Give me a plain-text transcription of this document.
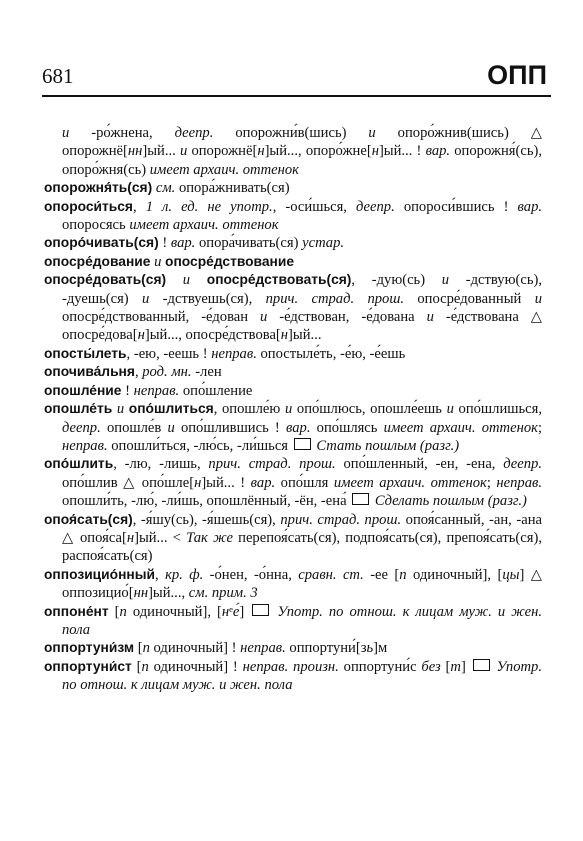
681	ОПП

и -ро́жнена, деепр. опорожни́в(шись) и опоро́жнив(шись) △ опорожнё[нн]ый... и опорожнё[н]ый..., опоро́жне[н]ый... ! вар. опорожня́(сь), опоро́жня(сь) имеет архаич. оттенок

опорожня́ть(ся) см. опора́жнивать(ся)

опороси́ться, 1 л. ед. не употр., -оси́шься, деепр. опороси́вшись ! вар. опоросясь имеет архаич. оттенок

опоро́чивать(ся) ! вар. опора́чивать(ся) устар.

опосре́дование и опосре́дствование

опосре́довать(ся) и опосре́дствовать(ся), -дую(сь) и -дствую(сь), -дуешь(ся) и -дствуешь(ся), прич. страд. прош. опосре́дованный и опосре́дствованный, -е́дован и -е́дствован, -е́дована и -е́дствована △ опосре́дова[н]ый..., опосре́дствова[н]ый...

опосты́леть, -ею, -еешь ! неправ. опостыле́ть, -е́ю, -е́ешь

опочива́льня, род. мн. -лен

опошле́ние ! неправ. опо́шление

опошле́ть и опо́шлиться, опошле́ю и опо́шлюсь, опошле́ешь и опо́шлишься, деепр. опошле́в и опо́шлившись ! вар. опо́шлясь имеет архаич. оттенок; неправ. опошли́ться, -лю́сь, -ли́шься  Стать пошлым (разг.)

опо́шлить, -лю, -лишь, прич. страд. прош. опо́шленный, -ен, -ена, деепр. опо́шлив △ опо́шле[н]ый... ! вар. опо́шля имеет архаич. оттенок; неправ. опошли́ть, -лю́, -ли́шь, опошлённый, -ён, -ена́  Сделать пошлым (разг.)

опоя́сать(ся), -я́шу(сь), -я́шешь(ся), прич. страд. прош. опоя́санный, -ан, -ана △ опоя́са[н]ый... < Так же перепоя́сать(ся), подпоя́сать(ся), препоя́сать(ся), распоя́сать(ся)

оппозицио́нный, кр. ф. -о́нен, -о́нна, сравн. ст. -ее [п одиночный], [цы] △ оппозицио́[нн]ый..., см. прим. 3

оппоне́нт [п одиночный], [нᵉе́]  Употр. по отнош. к лицам муж. и жен. пола

оппортуни́зм [п одиночный] ! неправ. оппортуни́[зь]м

оппортуни́ст [п одиночный] ! неправ. произн. оппортуни́с без [т]  Употр. по отнош. к лицам муж. и жен. пола
